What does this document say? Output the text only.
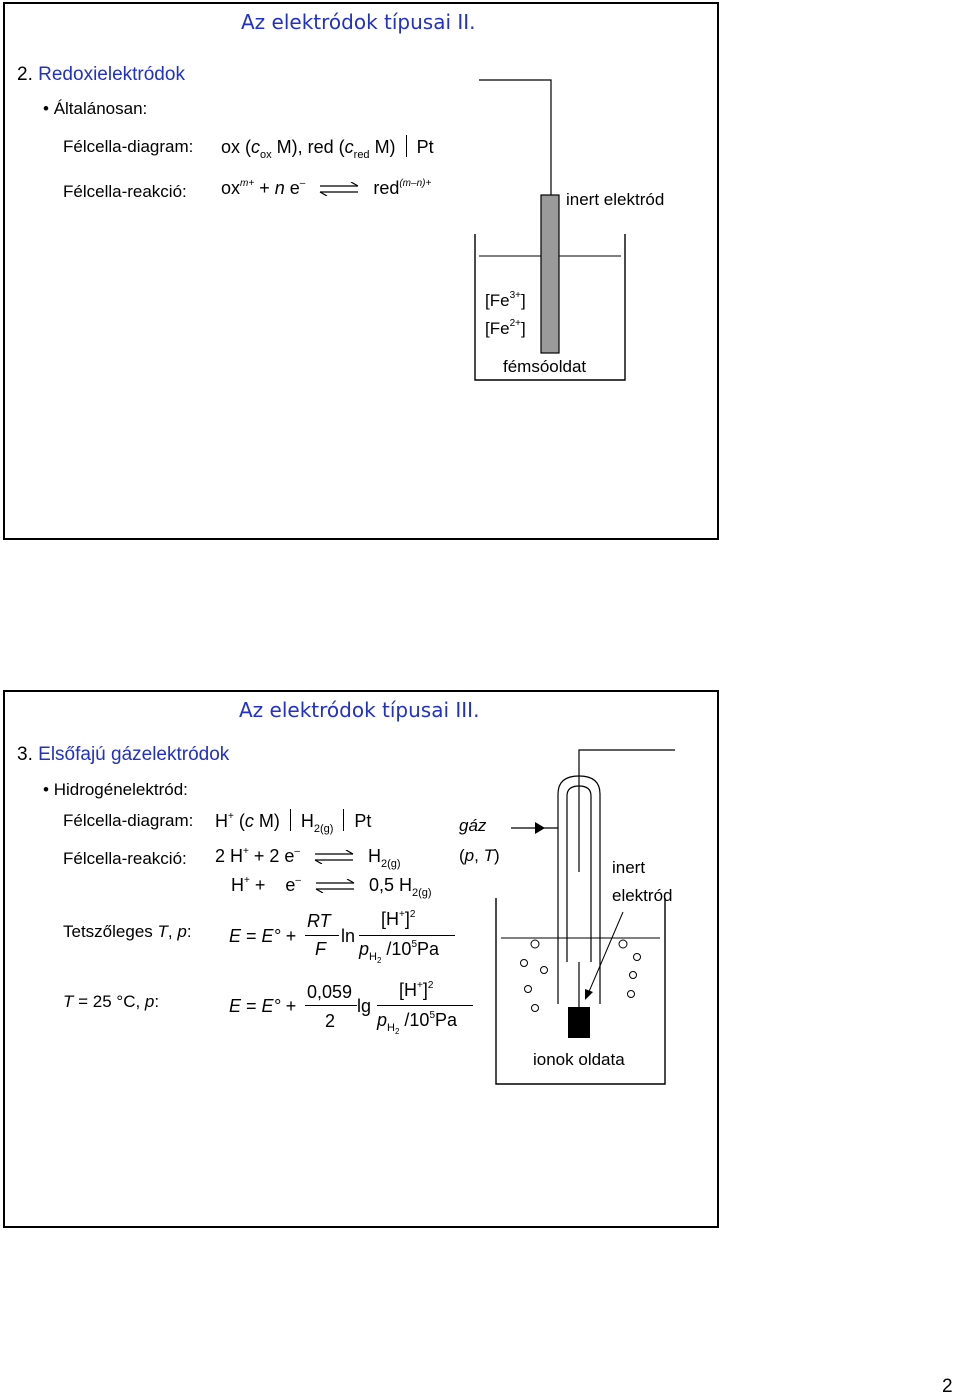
Az elektródok típusai II.
2. Redoxielektródok
• Általánosan:
Félcella-diagram: ox ($c_{ox}$ M), red ($c_{red}$ M) Pt
Félcella-reakció: $ox^{m+} + n$ e– ⇌ red$^{(m-n)+}$
inert elektród
$[Fe^{3+}]$
$[Fe^{2+}]$
fémsóoldat
Az elektródok típusai III.
3. Elsőfajú gázelektródok
• Hidrogénelektród:
Félcella-diagram: H+ (c M) $H_{2(g)}$ Pt
Félcella-reakció: 2 H+ + 2 e– ⇌ $H_{2(g)}$
H+ + e– ⇌ 0,5 $H_{2(g)}$
Tetszőleges T, p: E = E° +
RT
F
ln
$[H^+]^2$
$p_{H2}$ $/10^5Pa$
T = 25 °C, p:	E = E° +
0,059
2
lg
$[H^+]^2$
$p_{H2}$ $/10^5Pa$
gáz
(p, T)
inert
elektród
ionok oldata
2
